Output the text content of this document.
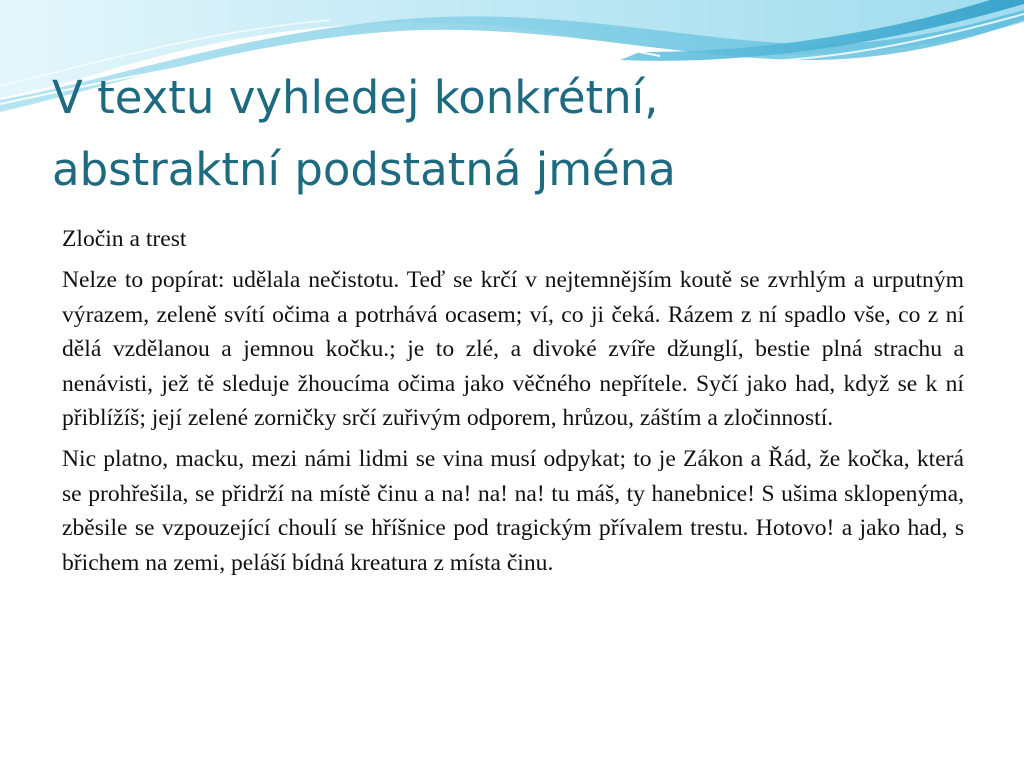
V textu vyhledej konkrétní,
abstraktní podstatná jména

Zločin a trest

Nelze to popírat: udělala nečistotu. Teď se krčí v nejtemnějším koutě se zvrhlým a urputným výrazem, zeleně svítí očima a potrhává ocasem; ví, co ji čeká. Rázem z ní spadlo vše, co z ní dělá vzdělanou a jemnou kočku.; je to zlé, a divoké zvíře džunglí, bestie plná strachu a nenávisti, jež tě sleduje žhoucíma očima jako věčného nepřítele. Syčí jako had, když se k ní přiblížíš; její zelené zorničky srčí zuřivým odporem, hrůzou, záštím a zločinností.

Nic platno, macku, mezi námi lidmi se vina musí odpykat; to je Zákon a Řád, že kočka, která se prohřešila, se přidrží na místě činu a na! na! na! tu máš, ty hanebnice! S ušima sklopenýma, zběsile se vzpouzející choulí se hříšnice pod tragickým přívalem trestu. Hotovo! a jako had, s břichem na zemi, peláší bídná kreatura z místa činu.
